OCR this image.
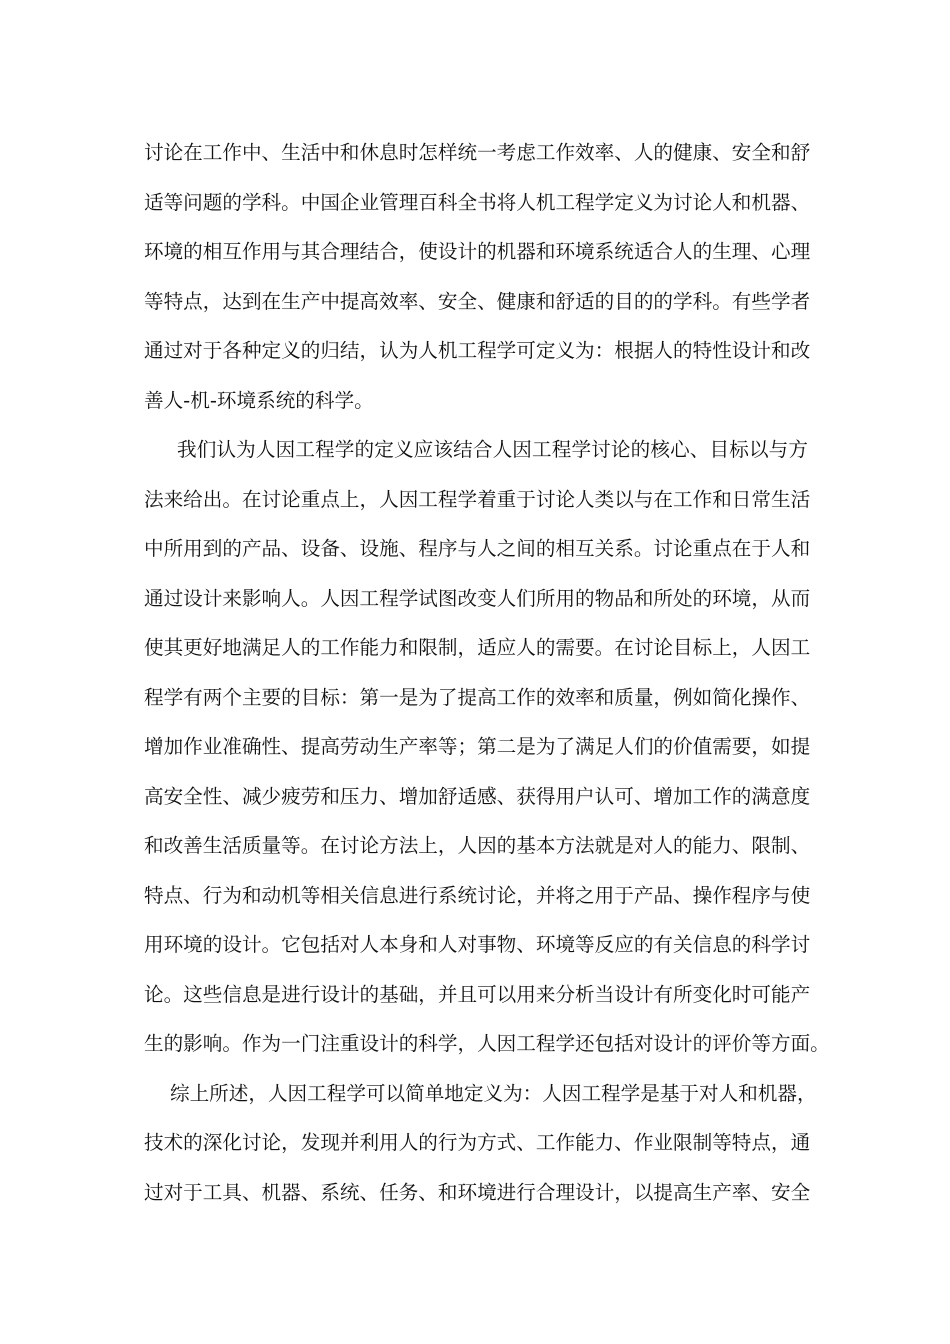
讨论在工作中、生活中和休息时怎样统一考虑工作效率、人的健康、安全和舒
适等问题的学科。中国企业管理百科全书将人机工程学定义为讨论人和机器、
环境的相互作用与其合理结合，使设计的机器和环境系统适合人的生理、心理
等特点，达到在生产中提高效率、安全、健康和舒适的目的的学科。有些学者
通过对于各种定义的归结，认为人机工程学可定义为：根据人的特性设计和改
善人-机-环境系统的科学。
我们认为人因工程学的定义应该结合人因工程学讨论的核心、目标以与方
法来给出。在讨论重点上，人因工程学着重于讨论人类以与在工作和日常生活
中所用到的产品、设备、设施、程序与人之间的相互关系。讨论重点在于人和
通过设计来影响人。人因工程学试图改变人们所用的物品和所处的环境，从而
使其更好地满足人的工作能力和限制，适应人的需要。在讨论目标上，人因工
程学有两个主要的目标：第一是为了提高工作的效率和质量，例如简化操作、
增加作业准确性、提高劳动生产率等；第二是为了满足人们的价值需要，如提
高安全性、减少疲劳和压力、增加舒适感、获得用户认可、增加工作的满意度
和改善生活质量等。在讨论方法上，人因的基本方法就是对人的能力、限制、
特点、行为和动机等相关信息进行系统讨论，并将之用于产品、操作程序与使
用环境的设计。它包括对人本身和人对事物、环境等反应的有关信息的科学讨
论。这些信息是进行设计的基础，并且可以用来分析当设计有所变化时可能产
生的影响。作为一门注重设计的科学，人因工程学还包括对设计的评价等方面。
综上所述，人因工程学可以简单地定义为：人因工程学是基于对人和机器，
技术的深化讨论，发现并利用人的行为方式、工作能力、作业限制等特点，通
过对于工具、机器、系统、任务、和环境进行合理设计，以提高生产率、安全
